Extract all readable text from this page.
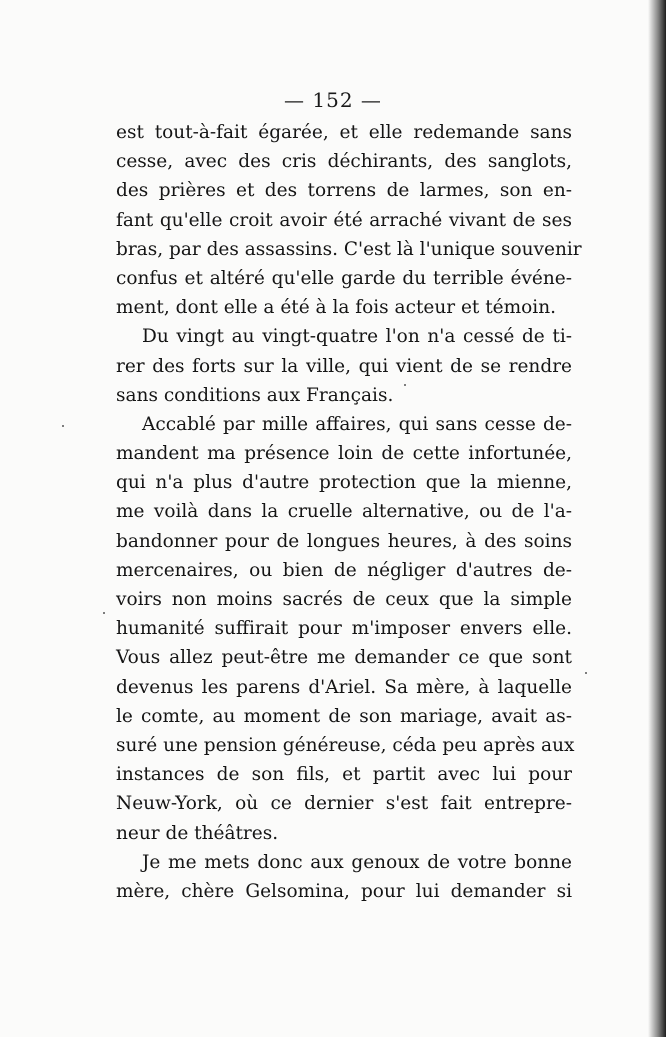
— 152 —
est tout-à-fait égarée, et elle redemande sans
cesse, avec des cris déchirants, des sanglots,
des prières et des torrens de larmes, son en-
fant qu'elle croit avoir été arraché vivant de ses
bras, par des assassins. C'est là l'unique souvenir
confus et altéré qu'elle garde du terrible événe-
ment, dont elle a été à la fois acteur et témoin.
Du vingt au vingt-quatre l'on n'a cessé de ti-
rer des forts sur la ville, qui vient de se rendre
sans conditions aux Français.
Accablé par mille affaires, qui sans cesse de-
mandent ma présence loin de cette infortunée,
qui n'a plus d'autre protection que la mienne,
me voilà dans la cruelle alternative, ou de l'a-
bandonner pour de longues heures, à des soins
mercenaires, ou bien de négliger d'autres de-
voirs non moins sacrés de ceux que la simple
humanité suffirait pour m'imposer envers elle.
Vous allez peut-être me demander ce que sont
devenus les parens d'Ariel. Sa mère, à laquelle
le comte, au moment de son mariage, avait as-
suré une pension généreuse, céda peu après aux
instances de son fils, et partit avec lui pour
Neuw-York, où ce dernier s'est fait entrepre-
neur de théâtres.
Je me mets donc aux genoux de votre bonne
mère, chère Gelsomina, pour lui demander si
